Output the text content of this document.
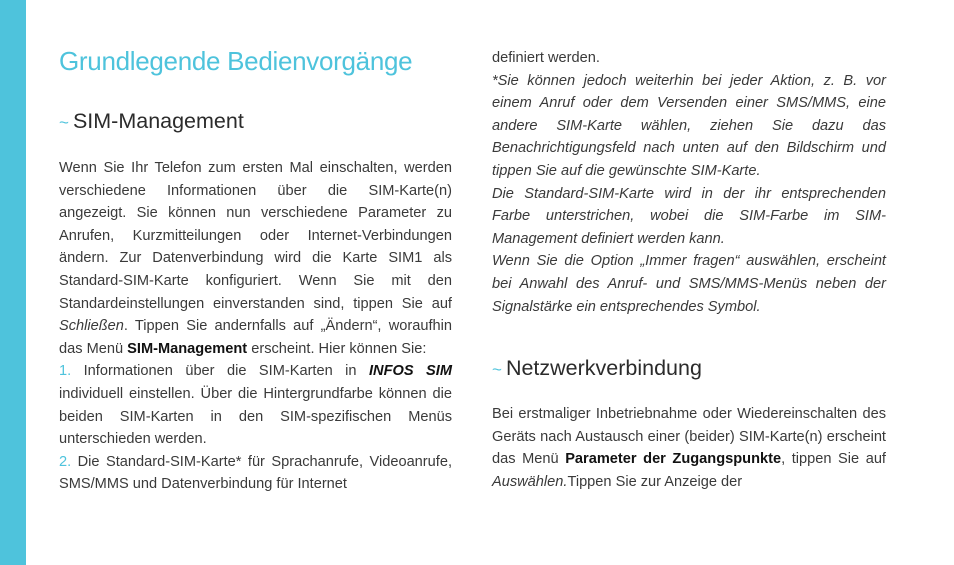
Grundlegende Bedienvorgänge
~ SIM-Management

Wenn Sie Ihr Telefon zum ersten Mal einschalten, werden verschiedene Informationen über die SIM-Karte(n) angezeigt. Sie können nun verschiedene Parameter zu Anrufen, Kurzmitteilungen oder Internet-Verbindungen ändern. Zur Datenverbindung wird die Karte SIM1 als Standard-SIM-Karte konfiguriert. Wenn Sie mit den Standardeinstellungen einverstanden sind, tippen Sie auf Schließen. Tippen Sie andernfalls auf „Ändern“, woraufhin das Menü SIM-Management erscheint. Hier können Sie:

1. Informationen über die SIM-Karten in INFOS SIM individuell einstellen. Über die Hintergrundfarbe können die beiden SIM-Karten in den SIM-spezifischen Menüs unterschieden werden.

2. Die Standard-SIM-Karte* für Sprachanrufe, Videoanrufe, SMS/MMS und Datenverbindung für Internet

definiert werden.

*Sie können jedoch weiterhin bei jeder Aktion, z. B. vor einem Anruf oder dem Versenden einer SMS/MMS, eine andere SIM-Karte wählen, ziehen Sie dazu das Benachrichtigungsfeld nach unten auf den Bildschirm und tippen Sie auf die gewünschte SIM-Karte.

Die Standard-SIM-Karte wird in der ihr entsprechenden Farbe unterstrichen, wobei die SIM-Farbe im SIM-Management definiert werden kann.

Wenn Sie die Option „Immer fragen“ auswählen, erscheint bei Anwahl des Anruf- und SMS/MMS-Menüs neben der Signalstärke ein entsprechendes Symbol.

~ Netzwerkverbindung

Bei erstmaliger Inbetriebnahme oder Wiedereinschalten des Geräts nach Austausch einer (beider) SIM-Karte(n) erscheint das Menü Parameter der Zugangspunkte, tippen Sie auf Auswählen.Tippen Sie zur Anzeige der
